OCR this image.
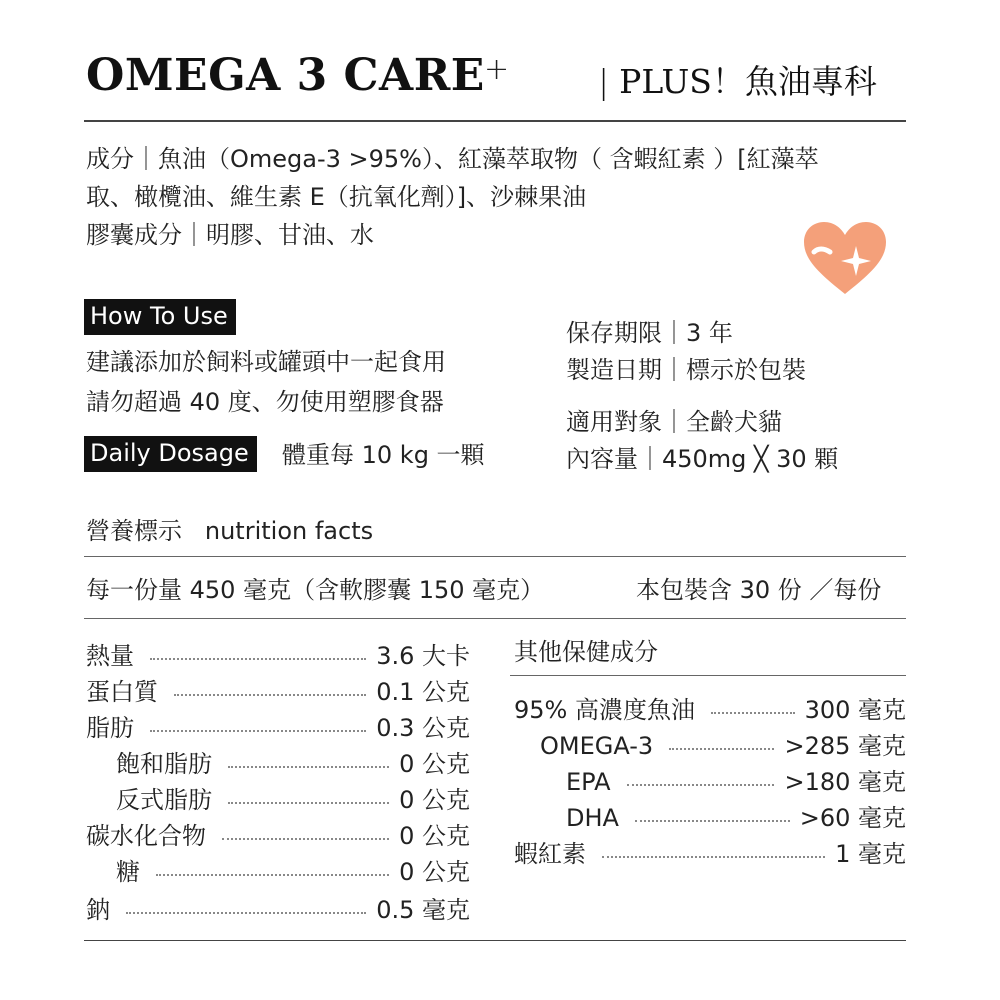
OMEGA 3 CARE +	| PLUS！魚油專科
成分｜魚油（Omega-3 >95%）、紅藻萃取物（ 含蝦紅素 ）[紅藻萃
取、橄欖油、維生素 E（抗氧化劑）]、沙棘果油
膠囊成分｜明膠、甘油、水
How To Use
建議添加於飼料或罐頭中一起食用
請勿超過 40 度、勿使用塑膠食器
Daily Dosage	體重每 10 kg 一顆
保存期限｜3 年
製造日期｜標示於包裝
適用對象｜全齡犬貓
內容量｜450mg ╳ 30 顆
營養標示   nutrition facts
每一份量 450 毫克（含軟膠囊 150 毫克）	本包裝含 30 份 ／每份
熱量	3.6 大卡
蛋白質	0.1 公克
脂肪	0.3 公克
飽和脂肪	0 公克
反式脂肪	0 公克
碳水化合物	0 公克
糖	0 公克
鈉	0.5 毫克
其他保健成分
95% 高濃度魚油	300 毫克
OMEGA-3	>285 毫克
EPA	>180 毫克
DHA	>60 毫克
蝦紅素	1 毫克
